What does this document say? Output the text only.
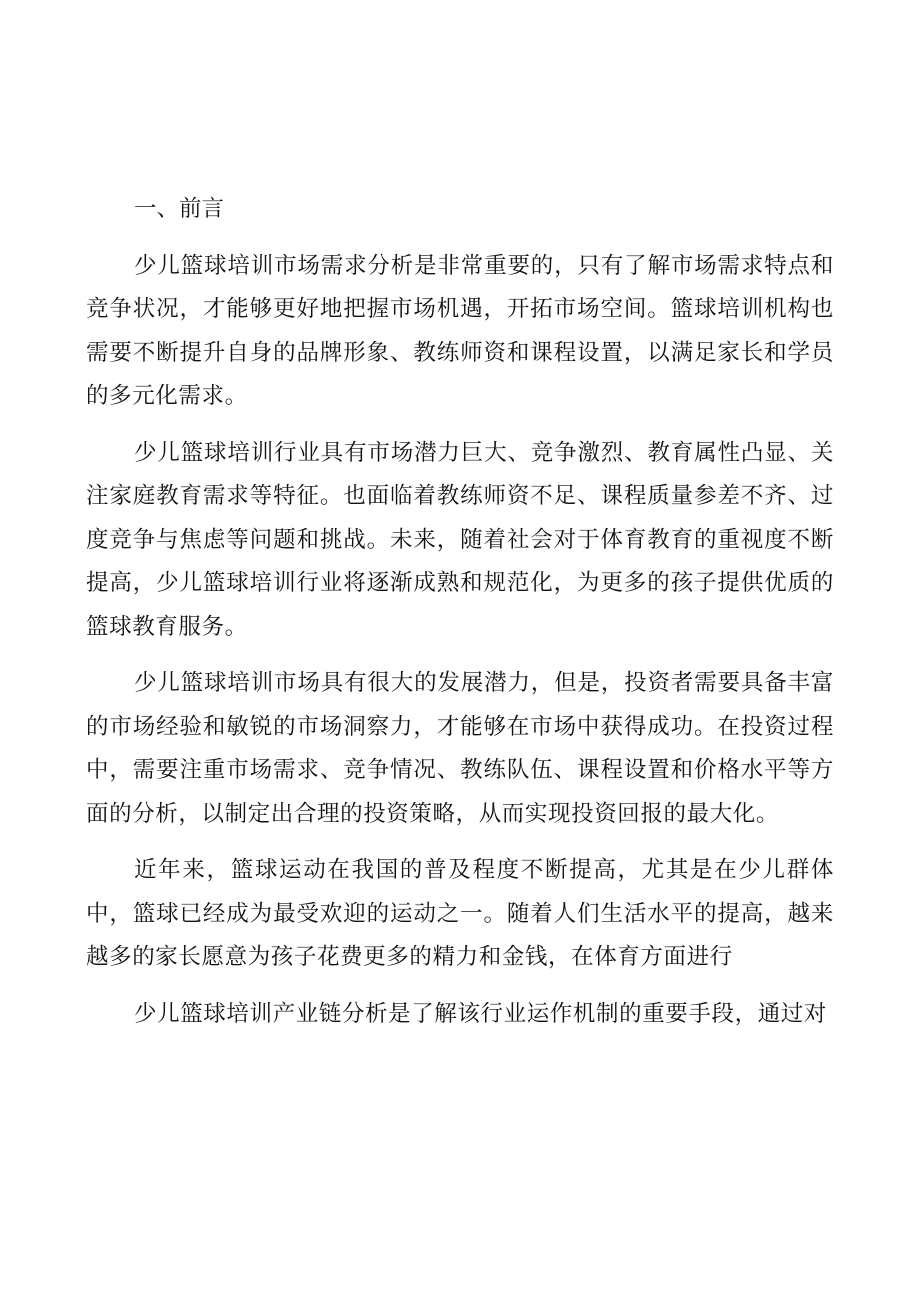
一、前言

少儿篮球培训市场需求分析是非常重要的，只有了解市场需求特点和竞争状况，才能够更好地把握市场机遇，开拓市场空间。篮球培训机构也需要不断提升自身的品牌形象、教练师资和课程设置，以满足家长和学员的多元化需求。

少儿篮球培训行业具有市场潜力巨大、竞争激烈、教育属性凸显、关注家庭教育需求等特征。也面临着教练师资不足、课程质量参差不齐、过度竞争与焦虑等问题和挑战。未来，随着社会对于体育教育的重视度不断提高，少儿篮球培训行业将逐渐成熟和规范化，为更多的孩子提供优质的篮球教育服务。

少儿篮球培训市场具有很大的发展潜力，但是，投资者需要具备丰富的市场经验和敏锐的市场洞察力，才能够在市场中获得成功。在投资过程中，需要注重市场需求、竞争情况、教练队伍、课程设置和价格水平等方面的分析，以制定出合理的投资策略，从而实现投资回报的最大化。

近年来，篮球运动在我国的普及程度不断提高，尤其是在少儿群体中，篮球已经成为最受欢迎的运动之一。随着人们生活水平的提高，越来越多的家长愿意为孩子花费更多的精力和金钱，在体育方面进行

少儿篮球培训产业链分析是了解该行业运作机制的重要手段，通过对
